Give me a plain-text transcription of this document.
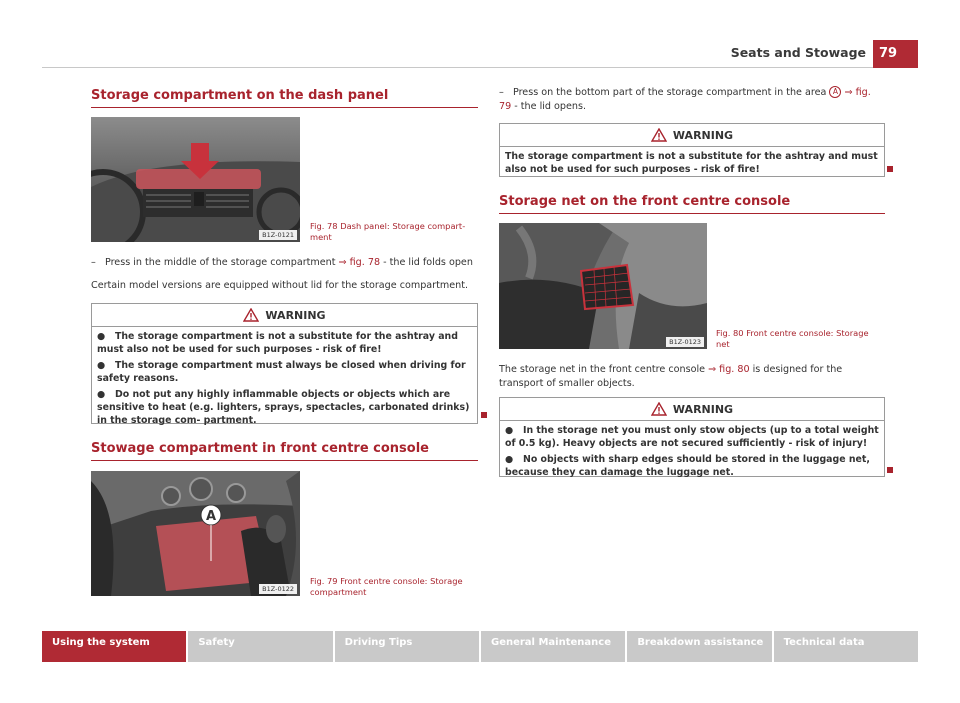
Seats and Stowage	79
Storage compartment on the dash panel
B1Z-0121
Fig. 78 Dash panel: Storage compart- ment
– Press in the middle of the storage compartment ⇒ fig. 78 - the lid folds open
Certain model versions are equipped without lid for the storage compartment.
WARNING

●   The storage compartment is not a substitute for the ashtray and must also not be used for such purposes - risk of fire!

●   The storage compartment must always be closed when driving for safety reasons.

●   Do not put any highly inflammable objects or objects which are sensitive to heat (e.g. lighters, sprays, spectacles, carbonated drinks) in the storage com- partment.

Stowage compartment in front centre console
A
B1Z-0122
Fig. 79 Front centre console: Storage compartment
– Press on the bottom part of the storage compartment in the area A ⇒ fig. 79 - the lid opens.
WARNING
The storage compartment is not a substitute for the ashtray and must also not be used for such purposes - risk of fire!
Storage net on the front centre console
B1Z-0123
Fig. 80 Front centre console: Storage net
The storage net in the front centre console ⇒ fig. 80 is designed for the transport of smaller objects.
WARNING

●   In the storage net you must only stow objects (up to a total weight of 0.5 kg). Heavy objects are not secured sufficiently - risk of injury!

●   No objects with sharp edges should be stored in the luggage net, because they can damage the luggage net.

Using the system	Safety	Driving Tips	General Maintenance	Breakdown assistance	Technical data
